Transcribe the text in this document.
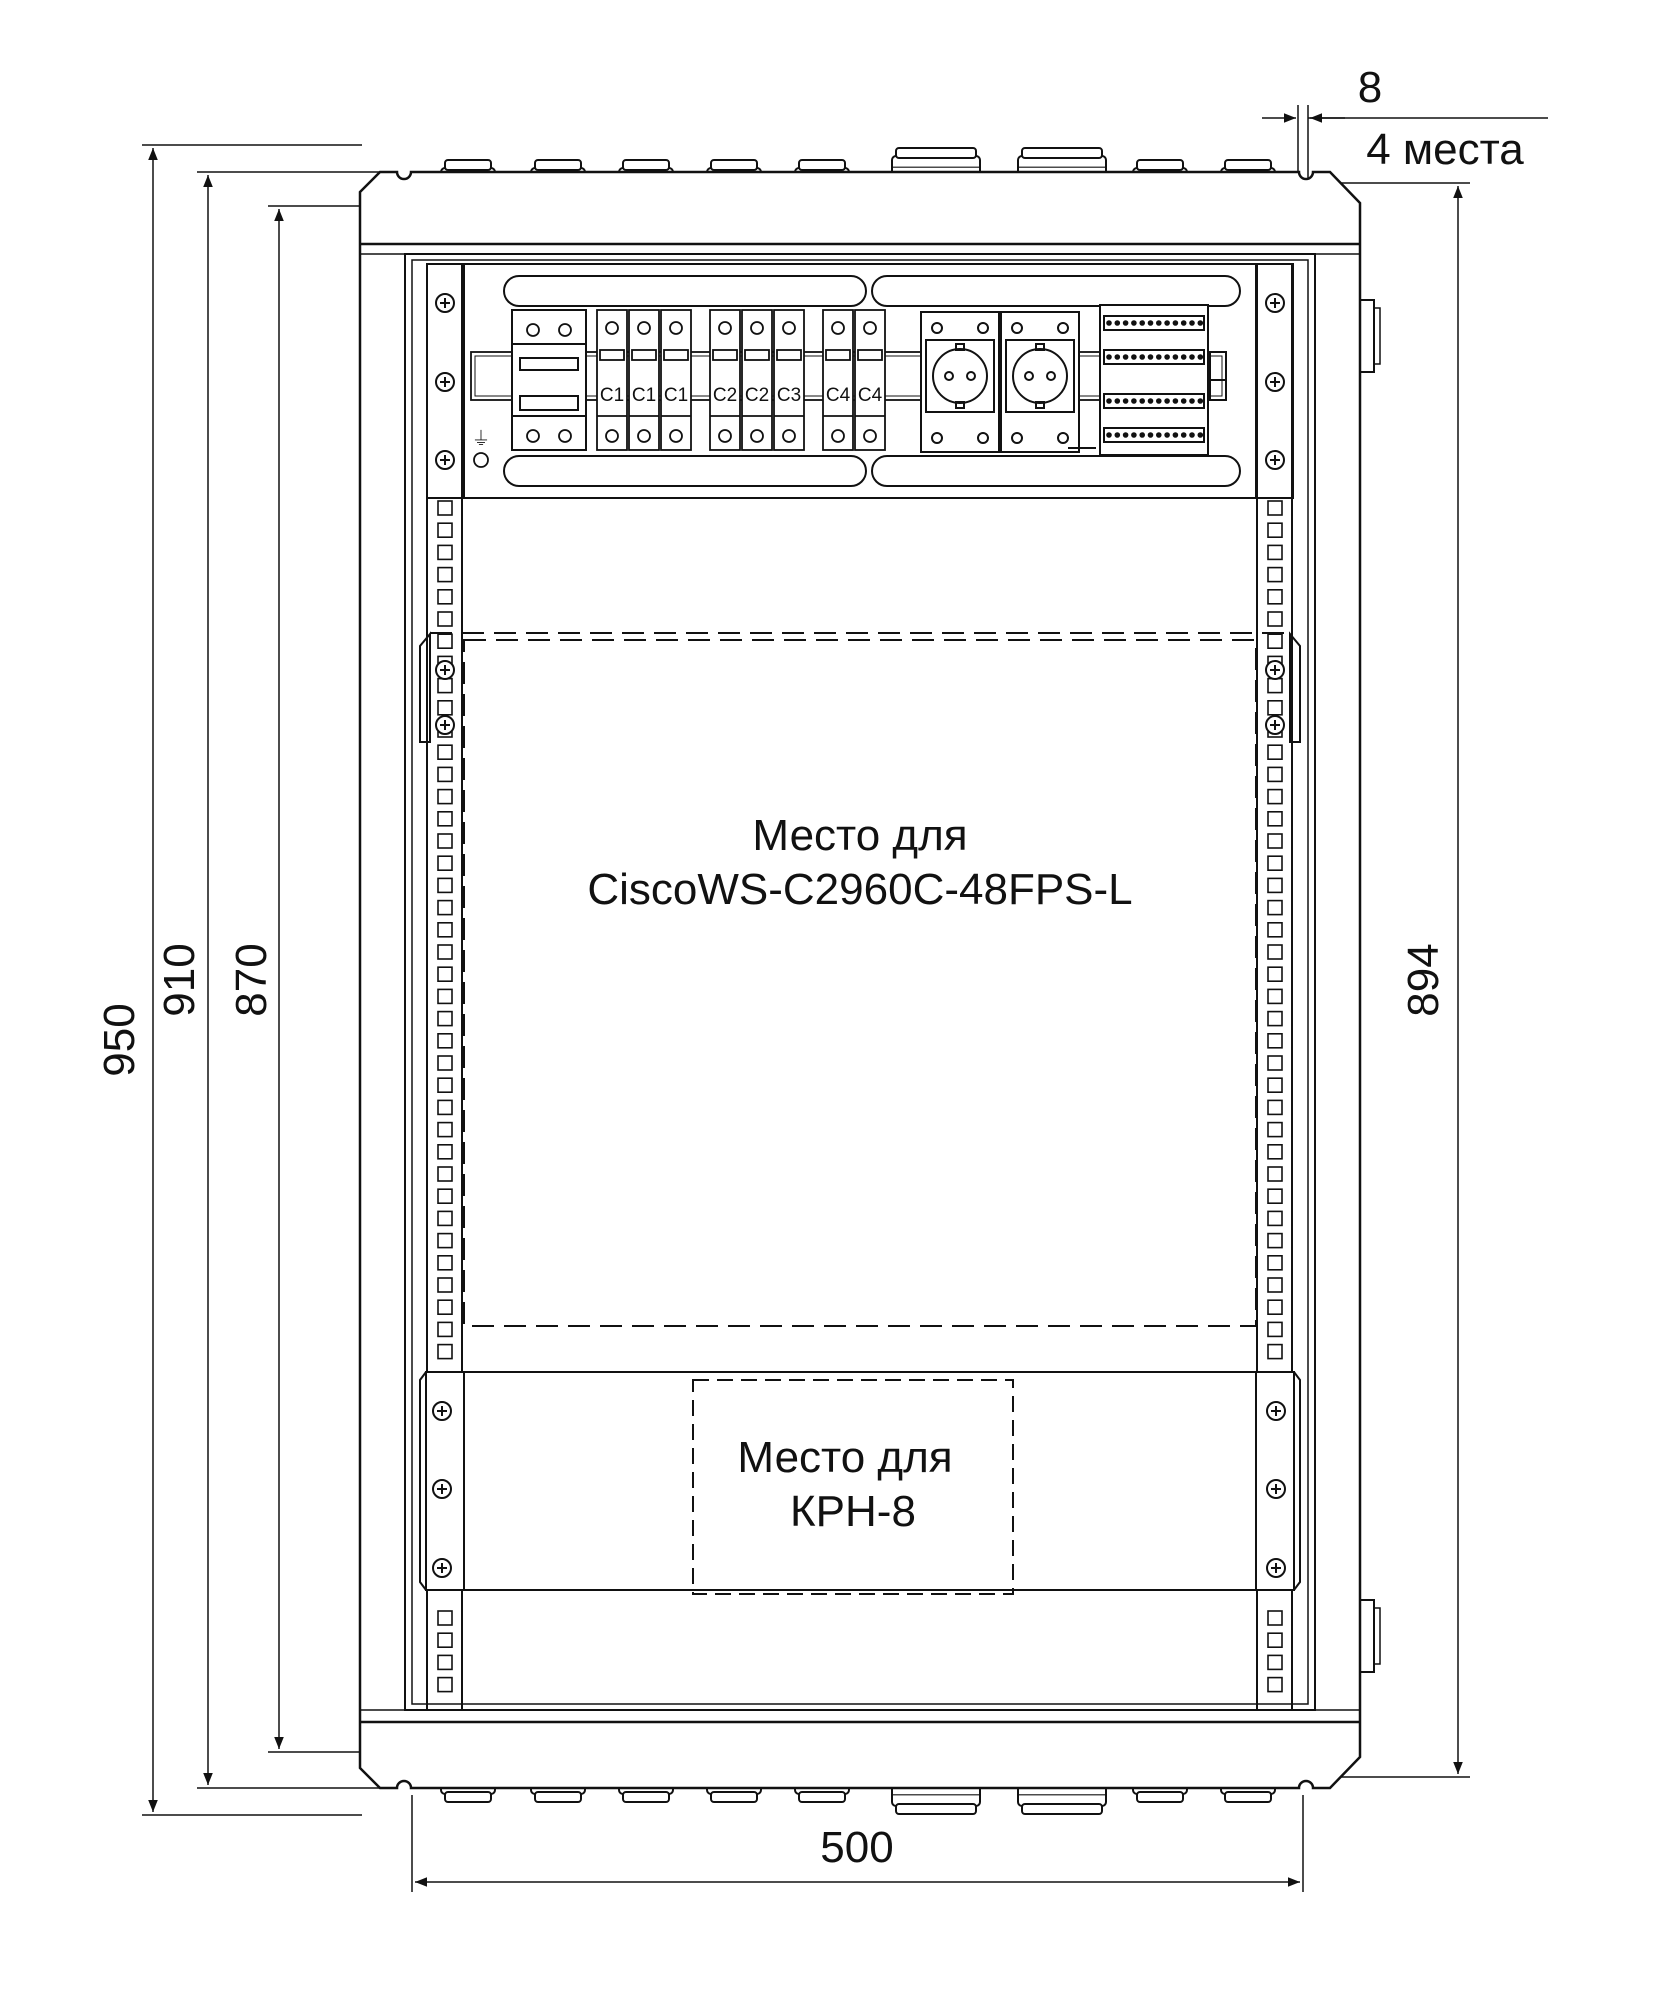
950
910 870	894
500
8
4 места
⏚
C1 C1 C1 C2 C2 C3 C4 C4
Место для
CiscoWS-C2960C-48FPS-L
Место для
КРН-8
